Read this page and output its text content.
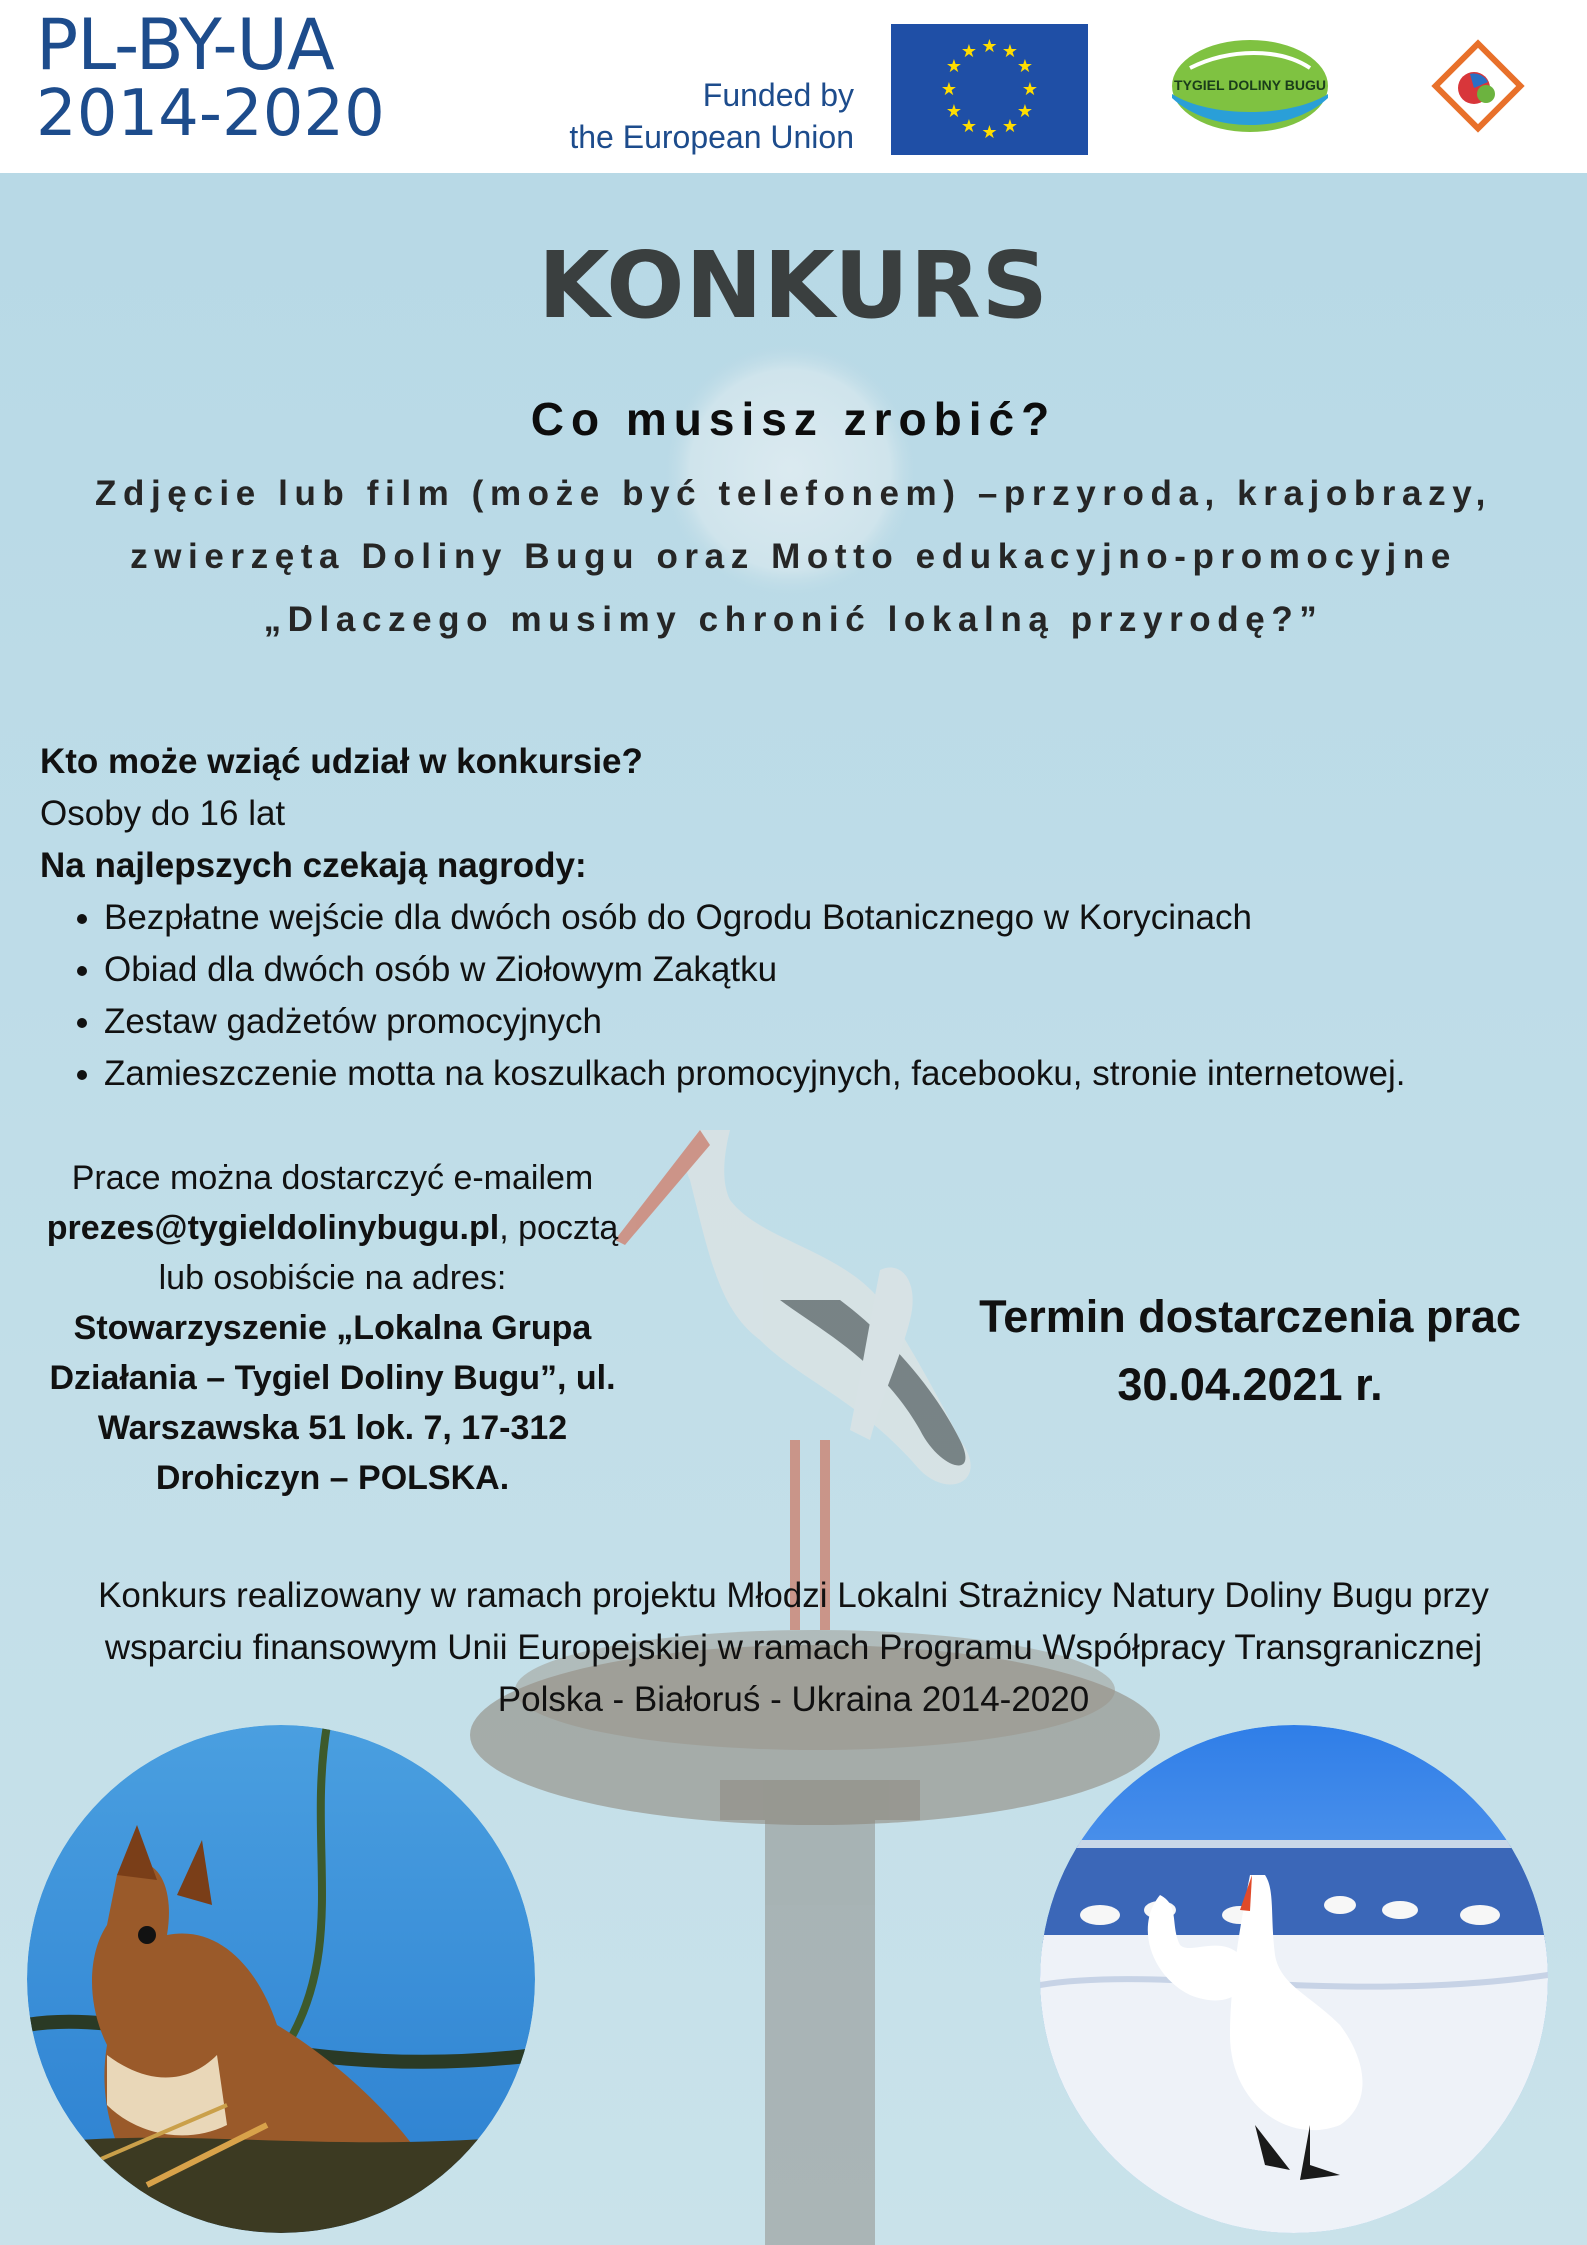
PL-BY-UA
2014-2020	Funded by
the European Union
★ ★
★
★
★
★
★
★
★
★
★
★
TYGIEL DOLINY BUGU
KONKURS
Co musisz zrobić?
Zdjęcie lub film (może być telefonem) –przyroda, krajobrazy,
zwierzęta Doliny Bugu oraz Motto edukacyjno-promocyjne
„Dlaczego musimy chronić lokalną przyrodę?”
Kto może wziąć udział w konkursie?
Osoby do 16 lat
Na najlepszych czekają nagrody:
• Bezpłatne wejście dla dwóch osób do Ogrodu Botanicznego w Korycinach
• Obiad dla dwóch osób w Ziołowym Zakątku
• Zestaw gadżetów promocyjnych
• Zamieszczenie motta na koszulkach promocyjnych, facebooku, stronie internetowej.
Prace można dostarczyć e-mailem
prezes@tygieldolinybugu.pl, pocztą
lub osobiście na adres:
Stowarzyszenie „Lokalna Grupa
Działania – Tygiel Doliny Bugu”, ul.
Warszawska 51 lok. 7, 17-312
Drohiczyn – POLSKA.
Termin dostarczenia prac
30.04.2021 r.
Konkurs realizowany w ramach projektu Młodzi Lokalni Strażnicy Natury Doliny Bugu przy
wsparciu finansowym Unii Europejskiej w ramach Programu Współpracy Transgranicznej
Polska - Białoruś - Ukraina 2014-2020
